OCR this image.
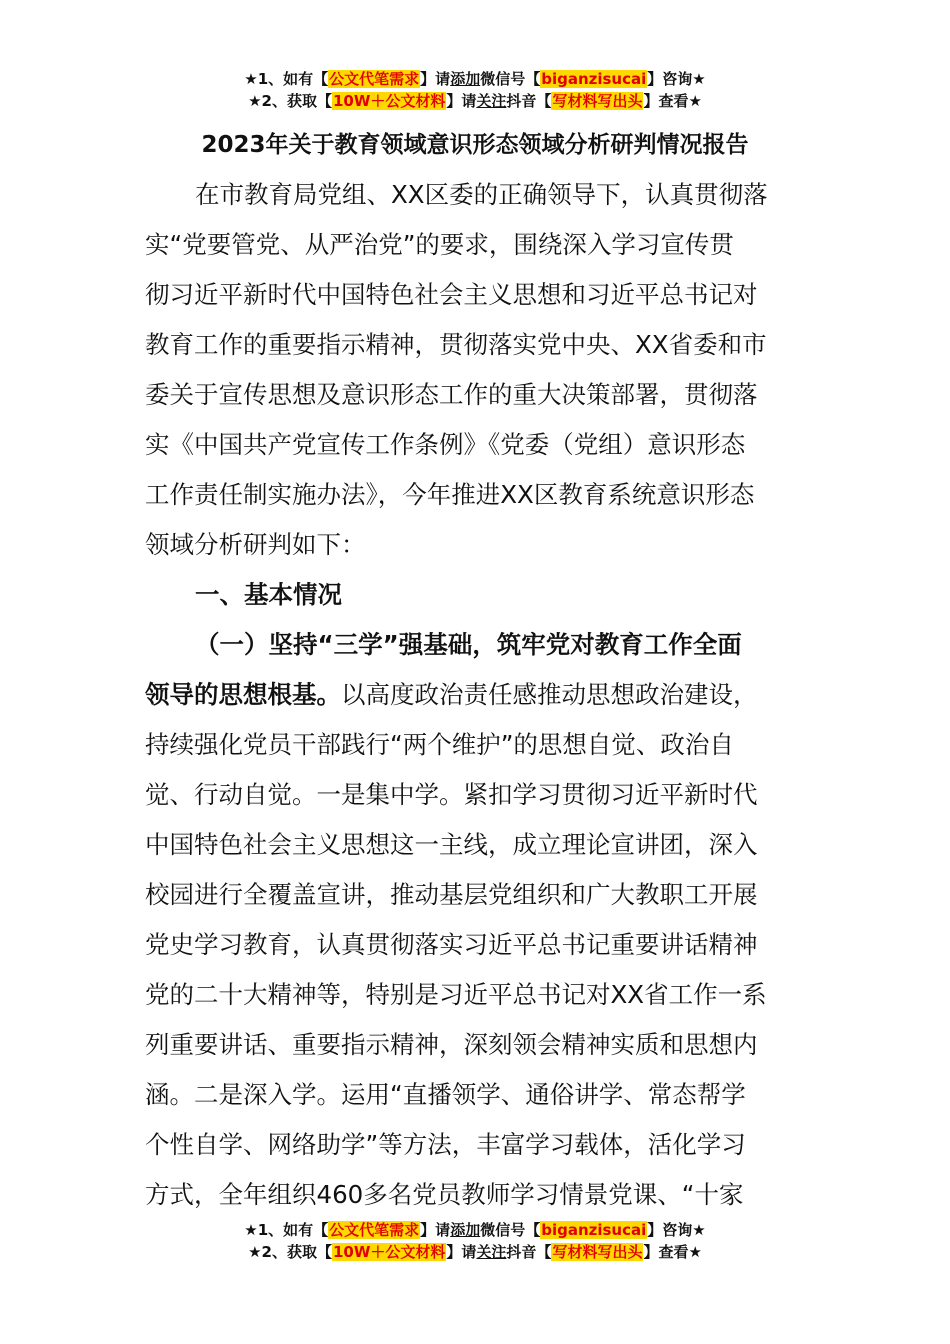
★1、如有【公文代笔需求】请添加微信号【biganzisucai】咨询★
★2、获取【10W＋公文材料】请关注抖音【写材料写出头】查看★
2023年关于教育领域意识形态领域分析研判情况报告
在市教育局党组、XX区委的正确领导下，认真贯彻落
实“党要管党、从严治党”的要求，围绕深入学习宣传贯
彻习近平新时代中国特色社会主义思想和习近平总书记对
教育工作的重要指示精神，贯彻落实党中央、XX省委和市
委关于宣传思想及意识形态工作的重大决策部署，贯彻落
实《中国共产党宣传工作条例》《党委（党组）意识形态
工作责任制实施办法》，今年推进XX区教育系统意识形态
领域分析研判如下：
一、基本情况
（一）坚持“三学”强基础，筑牢党对教育工作全面
领导的思想根基。以高度政治责任感推动思想政治建设，
持续强化党员干部践行“两个维护”的思想自觉、政治自
觉、行动自觉。一是集中学。紧扣学习贯彻习近平新时代
中国特色社会主义思想这一主线，成立理论宣讲团，深入
校园进行全覆盖宣讲，推动基层党组织和广大教职工开展
党史学习教育，认真贯彻落实习近平总书记重要讲话精神
党的二十大精神等，特别是习近平总书记对XX省工作一系
列重要讲话、重要指示精神，深刻领会精神实质和思想内
涵。二是深入学。运用“直播领学、通俗讲学、常态帮学
个性自学、网络助学”等方法，丰富学习载体，活化学习
方式，全年组织460多名党员教师学习情景党课、“十家
★1、如有【公文代笔需求】请添加微信号【biganzisucai】咨询★
★2、获取【10W＋公文材料】请关注抖音【写材料写出头】查看★
